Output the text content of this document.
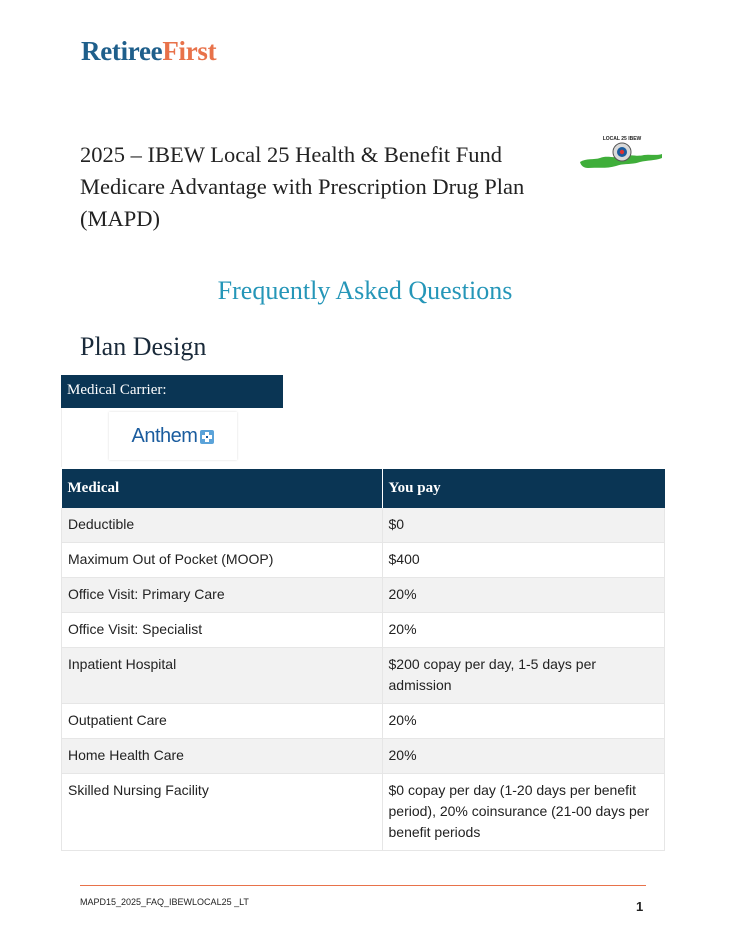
RetireeFirst
2025 – IBEW Local 25 Health & Benefit Fund
Medicare Advantage with Prescription Drug Plan
(MAPD)
LOCAL 25 IBEW
Frequently Asked Questions
Plan Design
Medical Carrier:
Anthem
Medical	You pay
Deductible	$0
Maximum Out of Pocket (MOOP)	$400
Office Visit: Primary Care	20%
Office Visit: Specialist	20%
Inpatient Hospital	$200 copay per day, 1-5 days per admission
Outpatient Care	20%
Home Health Care	20%
Skilled Nursing Facility	$0 copay per day (1-20 days per benefit period), 20% coinsurance (21-00 days per benefit periods
MAPD15_2025_FAQ_IBEWLOCAL25 _LT	1
